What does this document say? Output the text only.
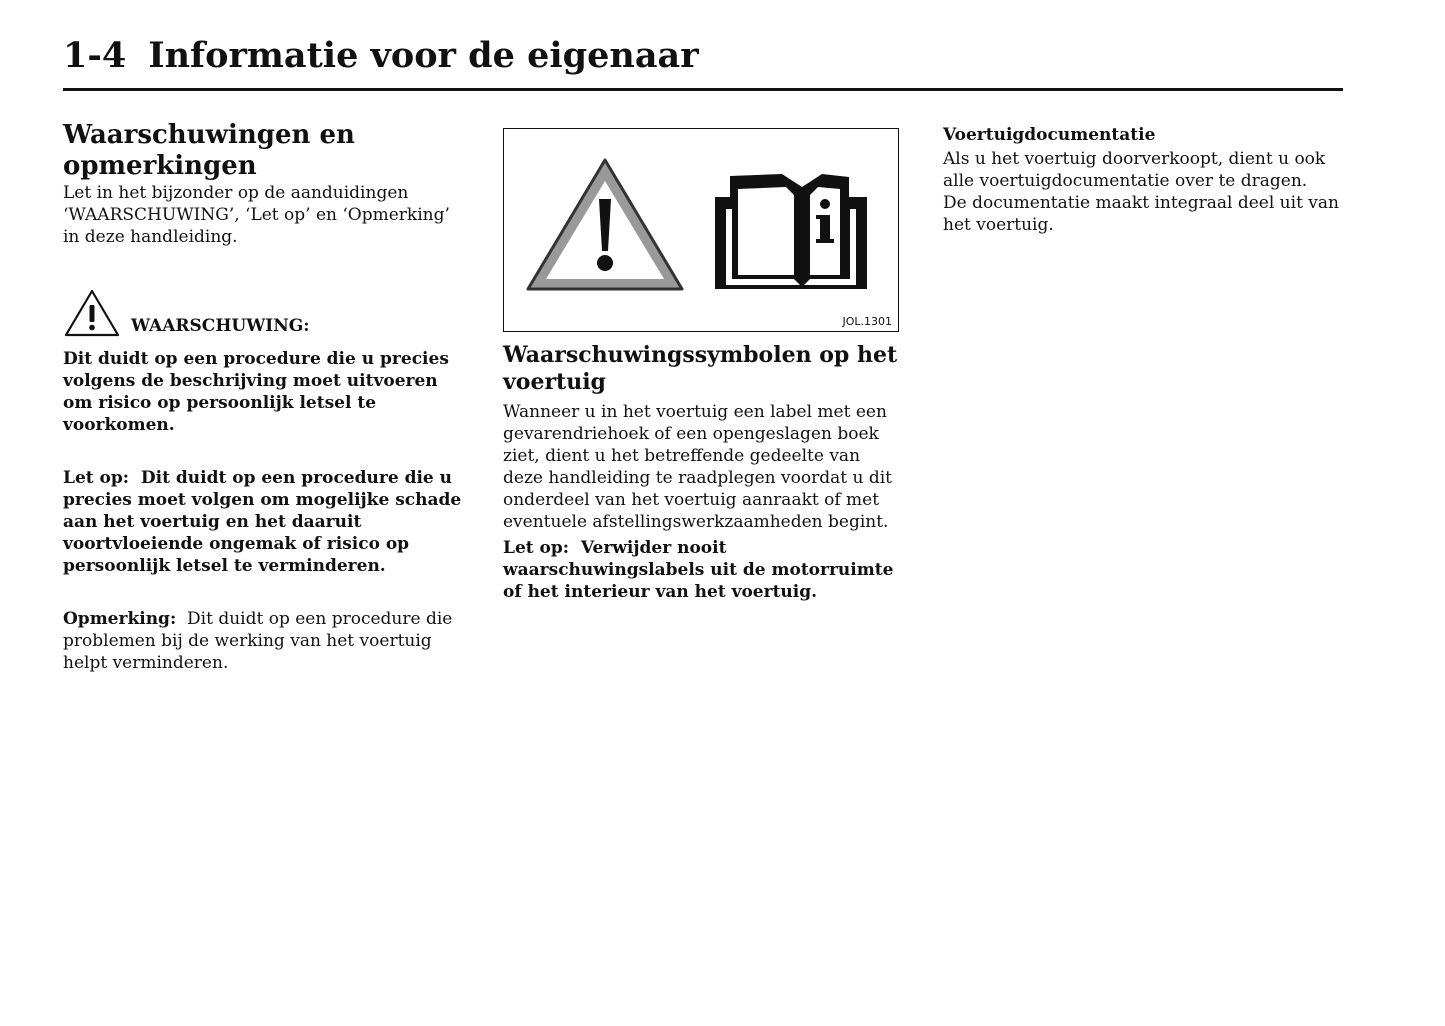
1-4 Informatie voor de eigenaar
Waarschuwingen en opmerkingen

Let in het bijzonder op de aanduidingen ‘WAARSCHUWING’, ‘Let op’ en ‘Opmerking’ in deze handleiding.

WAARSCHUWING:

Dit duidt op een procedure die u precies volgens de beschrijving moet uitvoeren om risico op persoonlijk letsel te voorkomen.

Let op: Dit duidt op een procedure die u precies moet volgen om mogelijke schade aan het voertuig en het daaruit voortvloeiende ongemak of risico op persoonlijk letsel te verminderen.

Opmerking: Dit duidt op een procedure die problemen bij de werking van het voertuig helpt verminderen.

JOL.1301
Waarschuwingssymbolen op het voertuig

Wanneer u in het voertuig een label met een gevarendriehoek of een opengeslagen boek ziet, dient u het betreffende gedeelte van deze handleiding te raadplegen voordat u dit onderdeel van het voertuig aanraakt of met eventuele afstellingswerkzaamheden begint.

Let op: Verwijder nooit waarschuwingslabels uit de motorruimte of het interieur van het voertuig.

Voertuigdocumentatie

Als u het voertuig doorverkoopt, dient u ook alle voertuigdocumentatie over te dragen.

De documentatie maakt integraal deel uit van het voertuig.
